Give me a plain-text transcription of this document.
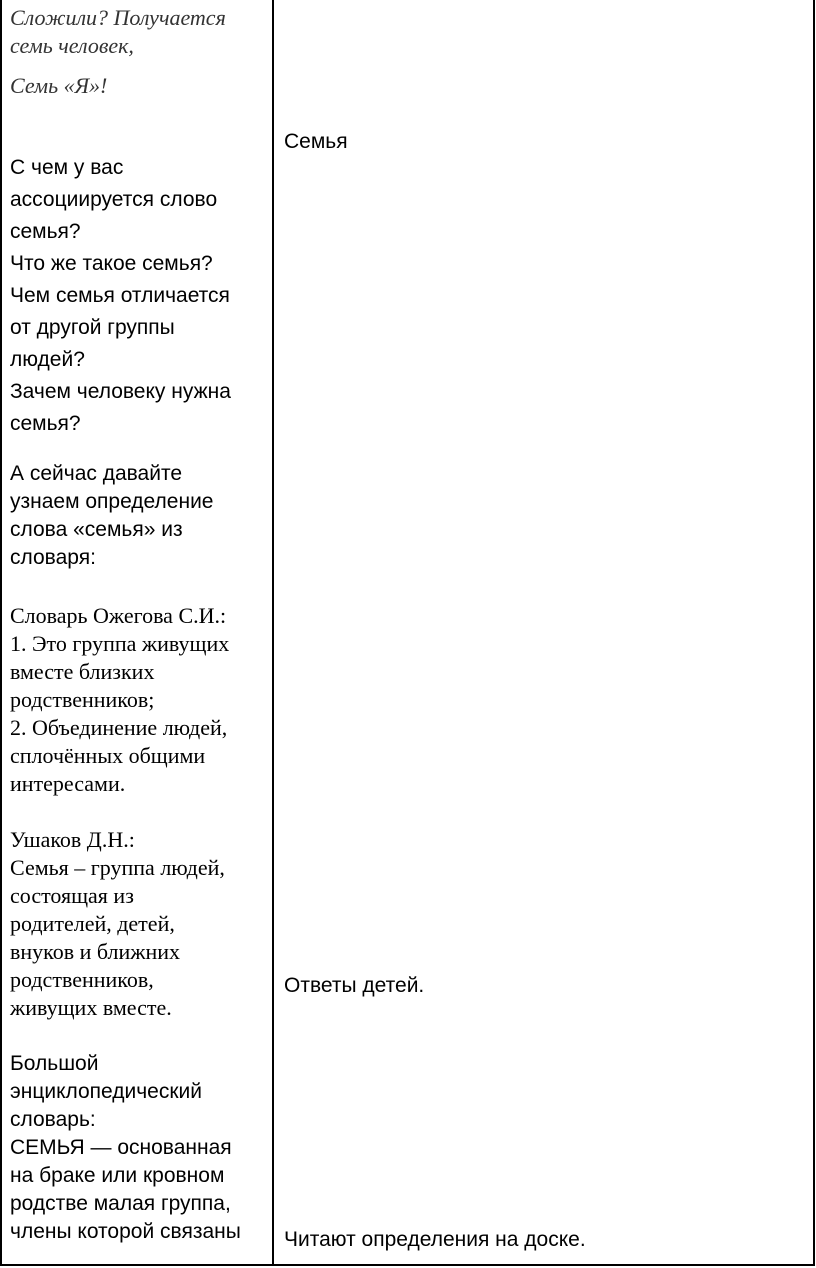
Сложили? Получается
семь человек,

Семь «Я»!

С чем у вас
ассоциируется слово
семья?
Что же такое семья?
Чем семья отличается
от другой группы
людей?
Зачем человеку нужна
семья?
А сейчас давайте
узнаем определение
слова «семья» из
словаря:
Словарь Ожегова С.И.:
1. Это группа живущих
вместе близких
родственников;
2. Объединение людей,
сплочённых общими
интересами.
Ушаков Д.Н.:
Семья – группа людей,
состоящая из
родителей, детей,
внуков и ближних
родственников,
живущих вместе.
Большой
энциклопедический
словарь:
СЕМЬЯ — основанная
на браке или кровном
родстве малая группа,
члены которой связаны

Семья

Ответы детей.

Читают определения на доске.
